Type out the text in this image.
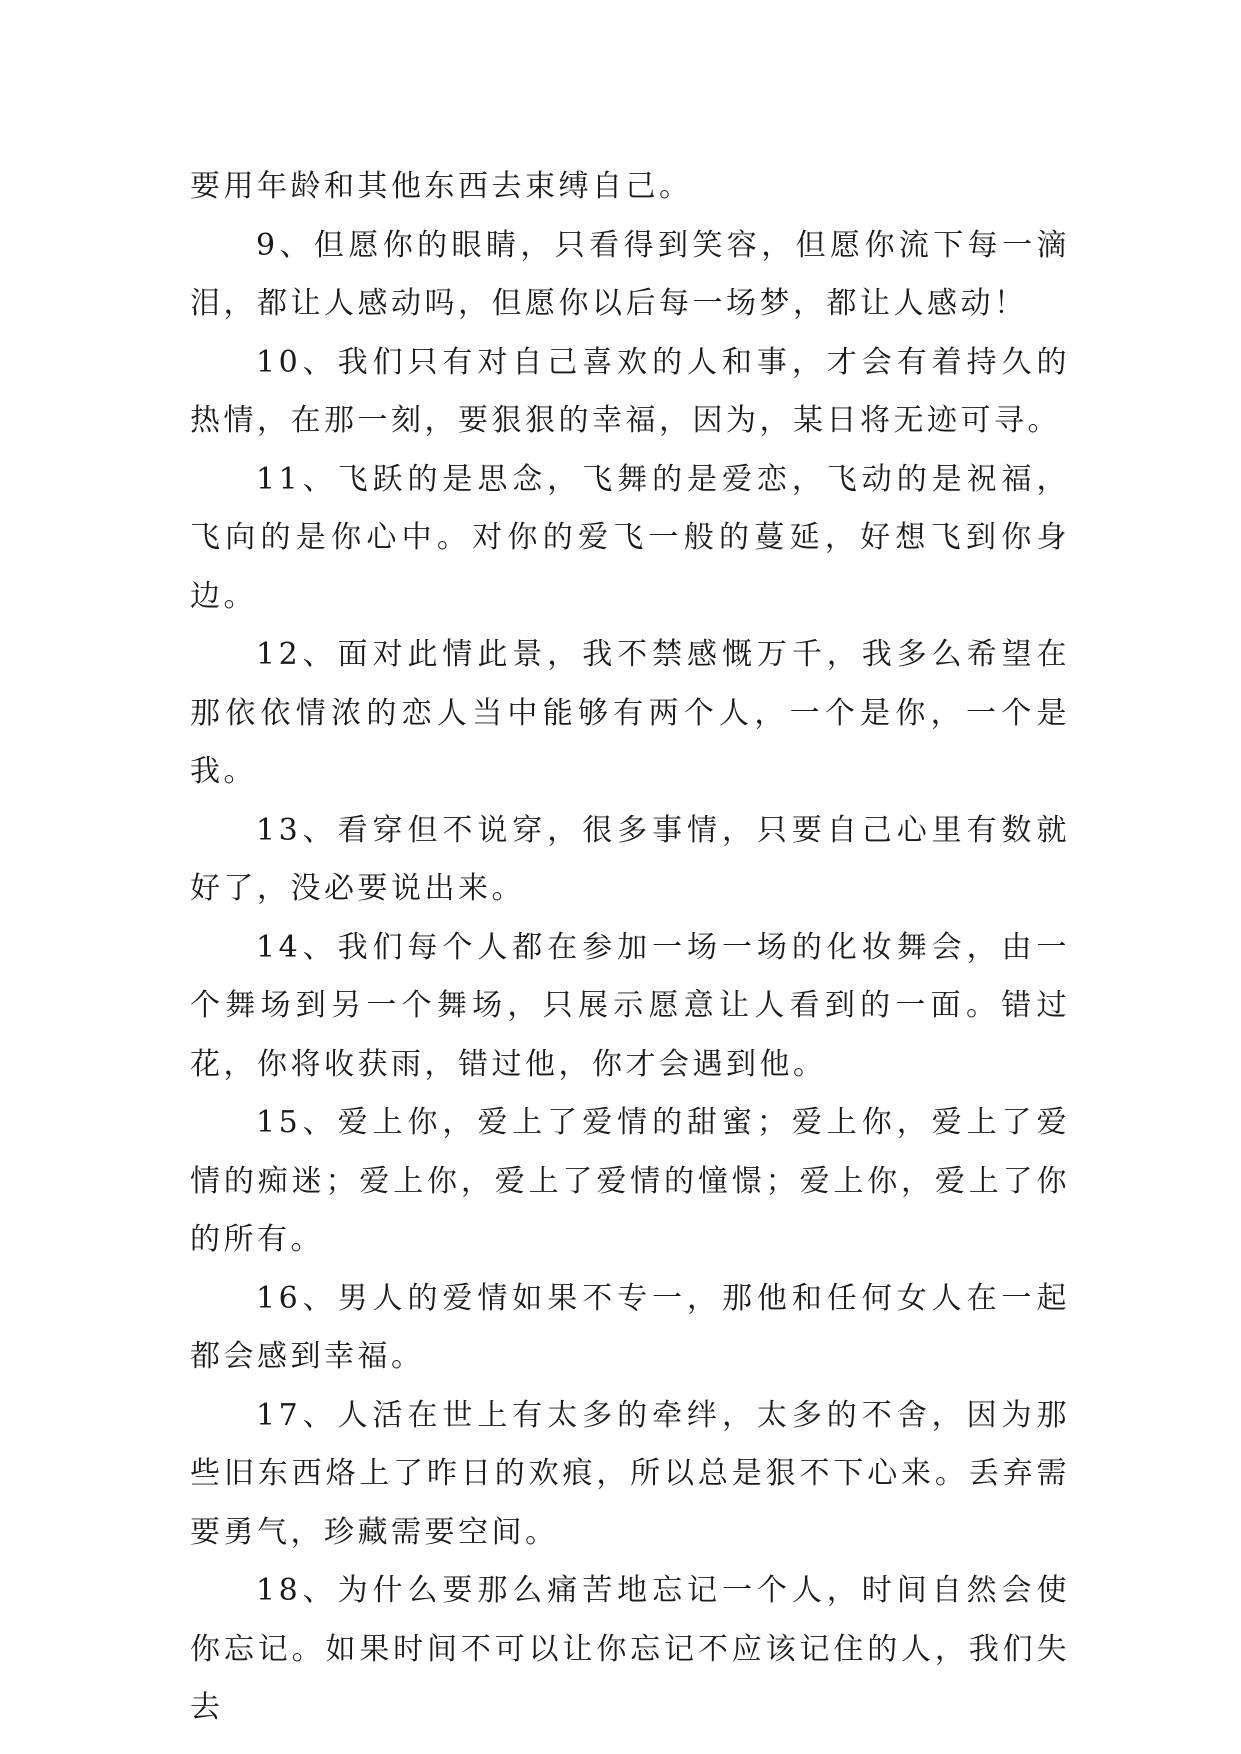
要用年龄和其他东西去束缚自己。

9、但愿你的眼睛，只看得到笑容，但愿你流下每一滴泪，都让人感动吗，但愿你以后每一场梦，都让人感动！

10、我们只有对自己喜欢的人和事，才会有着持久的热情，在那一刻，要狠狠的幸福，因为，某日将无迹可寻。

11、飞跃的是思念，飞舞的是爱恋，飞动的是祝福，飞向的是你心中。对你的爱飞一般的蔓延，好想飞到你身边。

12、面对此情此景，我不禁感慨万千，我多么希望在那依依情浓的恋人当中能够有两个人，一个是你，一个是我。

13、看穿但不说穿，很多事情，只要自己心里有数就好了，没必要说出来。

14、我们每个人都在参加一场一场的化妆舞会，由一个舞场到另一个舞场，只展示愿意让人看到的一面。错过花，你将收获雨，错过他，你才会遇到他。

15、爱上你，爱上了爱情的甜蜜；爱上你，爱上了爱情的痴迷；爱上你，爱上了爱情的憧憬；爱上你，爱上了你的所有。

16、男人的爱情如果不专一，那他和任何女人在一起都会感到幸福。

17、人活在世上有太多的牵绊，太多的不舍，因为那些旧东西烙上了昨日的欢痕，所以总是狠不下心来。丢弃需要勇气，珍藏需要空间。

18、为什么要那么痛苦地忘记一个人，时间自然会使你忘记。如果时间不可以让你忘记不应该记住的人，我们失去
